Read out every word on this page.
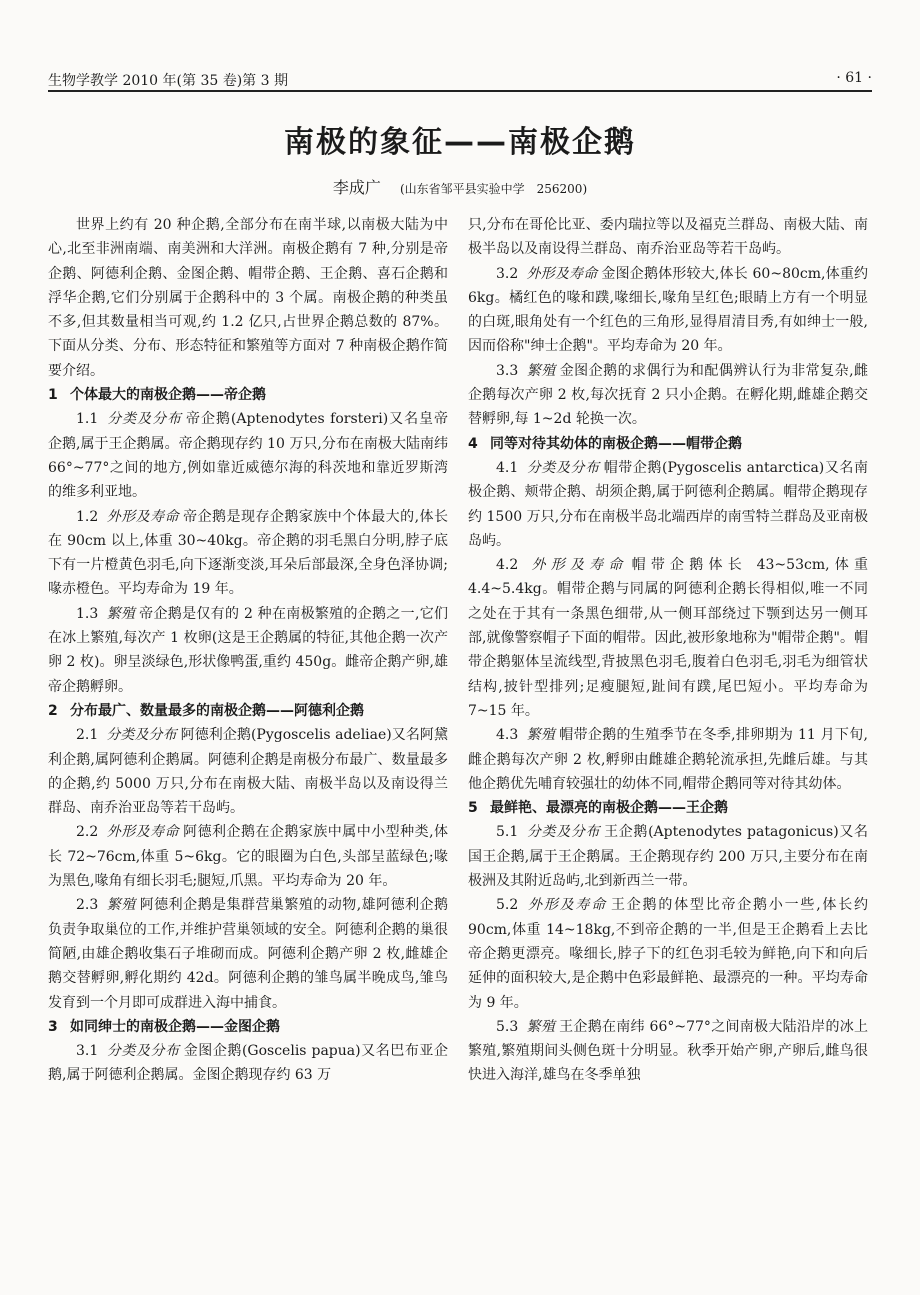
生物学教学 2010 年(第 35 卷)第 3 期	· 61 ·
南极的象征——南极企鹅
李成广 (山东省邹平县实验中学　256200)

世界上约有 20 种企鹅,全部分布在南半球,以南极大陆为中心,北至非洲南端、南美洲和大洋洲。南极企鹅有 7 种,分别是帝企鹅、阿德利企鹅、金图企鹅、帽带企鹅、王企鹅、喜石企鹅和浮华企鹅,它们分别属于企鹅科中的 3 个属。南极企鹅的种类虽不多,但其数量相当可观,约 1.2 亿只,占世界企鹅总数的 87%。下面从分类、分布、形态特征和繁殖等方面对 7 种南极企鹅作简要介绍。

1 个体最大的南极企鹅——帝企鹅

1.1 分类及分布 帝企鹅(Aptenodytes forsteri)又名皇帝企鹅,属于王企鹅属。帝企鹅现存约 10 万只,分布在南极大陆南纬 66°~77°之间的地方,例如靠近威德尔海的科茨地和靠近罗斯湾的维多利亚地。

1.2 外形及寿命 帝企鹅是现存企鹅家族中个体最大的,体长在 90cm 以上,体重 30~40kg。帝企鹅的羽毛黑白分明,脖子底下有一片橙黄色羽毛,向下逐渐变淡,耳朵后部最深,全身色泽协调;喙赤橙色。平均寿命为 19 年。

1.3 繁殖 帝企鹅是仅有的 2 种在南极繁殖的企鹅之一,它们在冰上繁殖,每次产 1 枚卵(这是王企鹅属的特征,其他企鹅一次产卵 2 枚)。卵呈淡绿色,形状像鸭蛋,重约 450g。雌帝企鹅产卵,雄帝企鹅孵卵。

2 分布最广、数量最多的南极企鹅——阿德利企鹅

2.1 分类及分布 阿德利企鹅(Pygoscelis adeliae)又名阿黛利企鹅,属阿德利企鹅属。阿德利企鹅是南极分布最广、数量最多的企鹅,约 5000 万只,分布在南极大陆、南极半岛以及南设得兰群岛、南乔治亚岛等若干岛屿。

2.2 外形及寿命 阿德利企鹅在企鹅家族中属中小型种类,体长 72~76cm,体重 5~6kg。它的眼圈为白色,头部呈蓝绿色;喙为黑色,喙角有细长羽毛;腿短,爪黑。平均寿命为 20 年。

2.3 繁殖 阿德利企鹅是集群营巢繁殖的动物,雄阿德利企鹅负责争取巢位的工作,并维护营巢领域的安全。阿德利企鹅的巢很简陋,由雄企鹅收集石子堆砌而成。阿德利企鹅产卵 2 枚,雌雄企鹅交替孵卵,孵化期约 42d。阿德利企鹅的雏鸟属半晚成鸟,雏鸟发育到一个月即可成群进入海中捕食。

3 如同绅士的南极企鹅——金图企鹅

3.1 分类及分布 金图企鹅(Goscelis papua)又名巴布亚企鹅,属于阿德利企鹅属。金图企鹅现存约 63 万

只,分布在哥伦比亚、委内瑞拉等以及福克兰群岛、南极大陆、南极半岛以及南设得兰群岛、南乔治亚岛等若干岛屿。

3.2 外形及寿命 金图企鹅体形较大,体长 60~80cm,体重约 6kg。橘红色的喙和蹼,喙细长,喙角呈红色;眼睛上方有一个明显的白斑,眼角处有一个红色的三角形,显得眉清目秀,有如绅士一般,因而俗称"绅士企鹅"。平均寿命为 20 年。

3.3 繁殖 金图企鹅的求偶行为和配偶辨认行为非常复杂,雌企鹅每次产卵 2 枚,每次抚育 2 只小企鹅。在孵化期,雌雄企鹅交替孵卵,每 1~2d 轮换一次。

4 同等对待其幼体的南极企鹅——帽带企鹅

4.1 分类及分布 帽带企鹅(Pygoscelis antarctica)又名南极企鹅、颊带企鹅、胡须企鹅,属于阿德利企鹅属。帽带企鹅现存约 1500 万只,分布在南极半岛北端西岸的南雪特兰群岛及亚南极岛屿。

4.2 外形及寿命 帽带企鹅体长 43~53cm,体重 4.4~5.4kg。帽带企鹅与同属的阿德利企鹅长得相似,唯一不同之处在于其有一条黑色细带,从一侧耳部绕过下颚到达另一侧耳部,就像警察帽子下面的帽带。因此,被形象地称为"帽带企鹅"。帽带企鹅躯体呈流线型,背披黑色羽毛,腹着白色羽毛,羽毛为细管状结构,披针型排列;足瘦腿短,趾间有蹼,尾巴短小。平均寿命为 7~15 年。

4.3 繁殖 帽带企鹅的生殖季节在冬季,排卵期为 11 月下旬,雌企鹅每次产卵 2 枚,孵卵由雌雄企鹅轮流承担,先雌后雄。与其他企鹅优先哺育较强壮的幼体不同,帽带企鹅同等对待其幼体。

5 最鲜艳、最漂亮的南极企鹅——王企鹅

5.1 分类及分布 王企鹅(Aptenodytes patagonicus)又名国王企鹅,属于王企鹅属。王企鹅现存约 200 万只,主要分布在南极洲及其附近岛屿,北到新西兰一带。

5.2 外形及寿命 王企鹅的体型比帝企鹅小一些,体长约 90cm,体重 14~18kg,不到帝企鹅的一半,但是王企鹅看上去比帝企鹅更漂亮。喙细长,脖子下的红色羽毛较为鲜艳,向下和向后延伸的面积较大,是企鹅中色彩最鲜艳、最漂亮的一种。平均寿命为 9 年。

5.3 繁殖 王企鹅在南纬 66°~77°之间南极大陆沿岸的冰上繁殖,繁殖期间头侧色斑十分明显。秋季开始产卵,产卵后,雌鸟很快进入海洋,雄鸟在冬季单独
